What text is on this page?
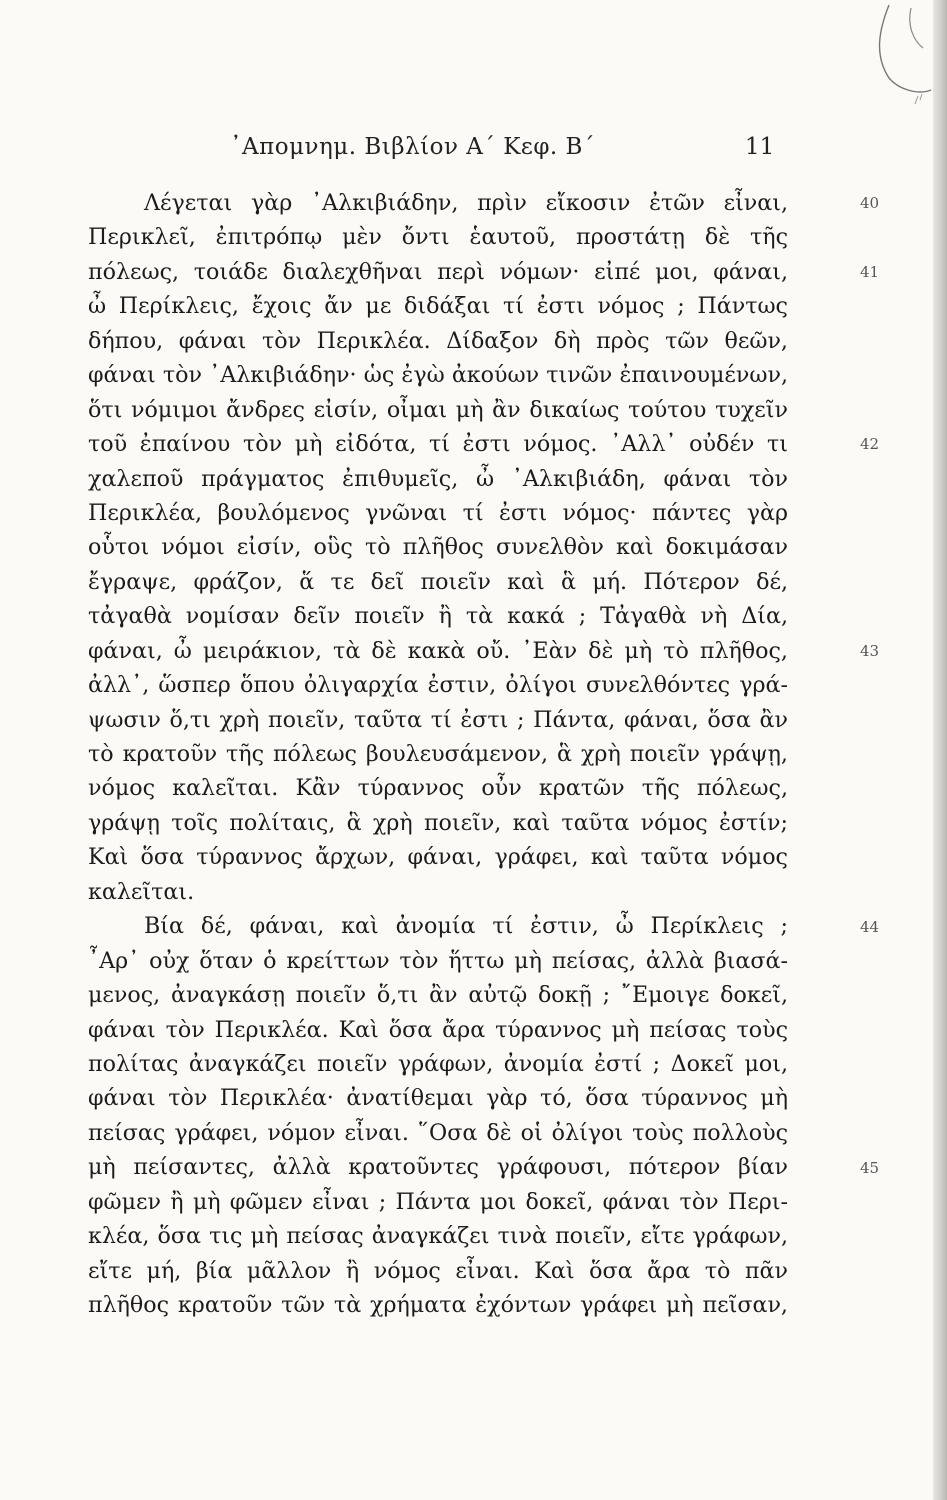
᾿Απομνημ. Βιβλίον Α΄ Κεφ. Β΄	11
Λέγεται γὰρ ᾿Αλκιβιάδην, πρὶν εἴκοσιν ἐτῶν εἶναι,
Περικλεῖ, ἐπιτρόπῳ μὲν ὄντι ἑαυτοῦ, προστάτῃ δὲ τῆς
πόλεως, τοιάδε διαλεχθῆναι περὶ νόμων· εἰπέ μοι, φάναι,
ὦ Περίκλεις, ἔχοις ἄν με διδάξαι τί ἐστι νόμος ; Πάντως
δήπου, φάναι τὸν Περικλέα. Δίδαξον δὴ πρὸς τῶν θεῶν,
φάναι τὸν ᾿Αλκιβιάδην· ὡς ἐγὼ ἀκούων τινῶν ἐπαινουμένων,
ὅτι νόμιμοι ἄνδρες εἰσίν, οἶμαι μὴ ἂν δικαίως τούτου τυχεῖν
τοῦ ἐπαίνου τὸν μὴ εἰδότα, τί ἐστι νόμος. ᾿Αλλ᾿ οὐδέν τι
χαλεποῦ πράγματος ἐπιθυμεῖς, ὦ ᾿Αλκιβιάδη, φάναι τὸν
Περικλέα, βουλόμενος γνῶναι τί ἐστι νόμος· πάντες γὰρ
οὗτοι νόμοι εἰσίν, οὓς τὸ πλῆθος συνελθὸν καὶ δοκιμάσαν
ἔγραψε, φράζον, ἅ τε δεῖ ποιεῖν καὶ ἃ μή. Πότερον δέ,
τἀγαθὰ νομίσαν δεῖν ποιεῖν ἢ τὰ κακά ; Τἀγαθὰ νὴ Δία,
φάναι, ὦ μειράκιον, τὰ δὲ κακὰ οὔ. ᾿Εὰν δὲ μὴ τὸ πλῆθος,
ἀλλ᾿, ὥσπερ ὅπου ὀλιγαρχία ἐστιν, ὀλίγοι συνελθόντες γρά-
ψωσιν ὅ,τι χρὴ ποιεῖν, ταῦτα τί ἐστι ; Πάντα, φάναι, ὅσα ἂν
τὸ κρατοῦν τῆς πόλεως βουλευσάμενον, ἃ χρὴ ποιεῖν γράψῃ,
νόμος καλεῖται. Κἂν τύραννος οὖν κρατῶν τῆς πόλεως,
γράψῃ τοῖς πολίταις, ἃ χρὴ ποιεῖν, καὶ ταῦτα νόμος ἐστίν;
Καὶ ὅσα τύραννος ἄρχων, φάναι, γράφει, καὶ ταῦτα νόμος
καλεῖται.
Βία δέ, φάναι, καὶ ἀνομία τί ἐστιν, ὦ Περίκλεις ;
῏Αρ᾿ οὐχ ὅταν ὁ κρείττων τὸν ἥττω μὴ πείσας, ἀλλὰ βιασά-
μενος, ἀναγκάσῃ ποιεῖν ὅ,τι ἂν αὐτῷ δοκῇ ; ῎Εμοιγε δοκεῖ,
φάναι τὸν Περικλέα. Καὶ ὅσα ἄρα τύραννος μὴ πείσας τοὺς
πολίτας ἀναγκάζει ποιεῖν γράφων, ἀνομία ἐστί ; Δοκεῖ μοι,
φάναι τὸν Περικλέα· ἀνατίθεμαι γὰρ τό, ὅσα τύραννος μὴ
πείσας γράφει, νόμον εἶναι. ῞Οσα δὲ οἱ ὀλίγοι τοὺς πολλοὺς
μὴ πείσαντες, ἀλλὰ κρατοῦντες γράφουσι, πότερον βίαν
φῶμεν ἢ μὴ φῶμεν εἶναι ; Πάντα μοι δοκεῖ, φάναι τὸν Περι-
κλέα, ὅσα τις μὴ πείσας ἀναγκάζει τινὰ ποιεῖν, εἴτε γράφων,
εἴτε μή, βία μᾶλλον ἢ νόμος εἶναι. Καὶ ὅσα ἄρα τὸ πᾶν
πλῆθος κρατοῦν τῶν τὰ χρήματα ἐχόντων γράφει μὴ πεῖσαν,
40
41
42
43
44
45
